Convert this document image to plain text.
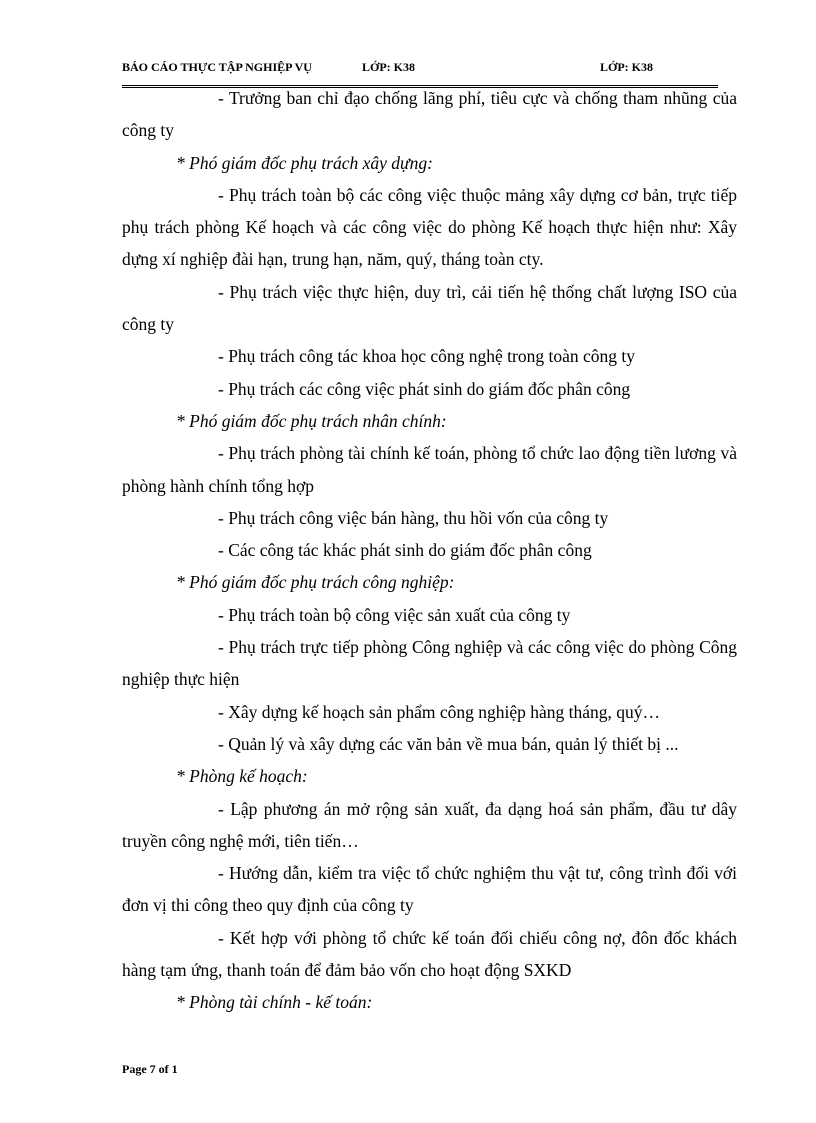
BÁO CÁO THỰC TẬP NGHIỆP VỤ	LỚP: K38	LỚP: K38

- Trưởng ban chỉ đạo chống lãng phí, tiêu cực và chống tham nhũng của công ty

* Phó giám đốc phụ trách xây dựng:

- Phụ trách toàn bộ các công việc thuộc mảng xây dựng cơ bản, trực tiếp phụ trách phòng Kế hoạch và các công việc do phòng Kế hoạch thực hiện như: Xây dựng xí nghiệp đài hạn, trung hạn, năm, quý, tháng toàn cty.

- Phụ trách việc thực hiện, duy trì, cải tiến hệ thống chất lượng ISO của công ty

- Phụ trách công tác khoa học công nghệ trong toàn công ty

- Phụ trách các công việc phát sinh do giám đốc phân công

* Phó giám đốc phụ trách nhân chính:

- Phụ trách phòng tài chính kế toán, phòng tổ chức lao động tiền lương và phòng hành chính tổng hợp

- Phụ trách công việc bán hàng, thu hồi vốn của công ty

- Các công tác khác phát sinh do giám đốc phân công

* Phó giám đốc phụ trách công nghiệp:

- Phụ trách toàn bộ công việc sản xuất của công ty

- Phụ trách trực tiếp phòng Công nghiệp và các công việc do phòng Công nghiệp thực hiện

- Xây dựng kế hoạch sản phẩm công nghiệp hàng tháng, quý…

- Quản lý và xây dựng các văn bản về mua bán, quản lý thiết bị ...

* Phòng kế hoạch:

- Lập phương án mở rộng sản xuất, đa dạng hoá sản phẩm, đầu tư dây truyền công nghệ mới, tiên tiến…

- Hướng dẫn, kiểm tra việc tổ chức nghiệm thu vật tư, công trình đối với đơn vị thi công theo quy định của công ty

- Kết hợp với phòng tổ chức kế toán đối chiếu công nợ, đôn đốc khách hàng tạm ứng, thanh toán để đảm bảo vốn cho hoạt động SXKD

* Phòng tài chính - kế toán:

Page 7 of 1
